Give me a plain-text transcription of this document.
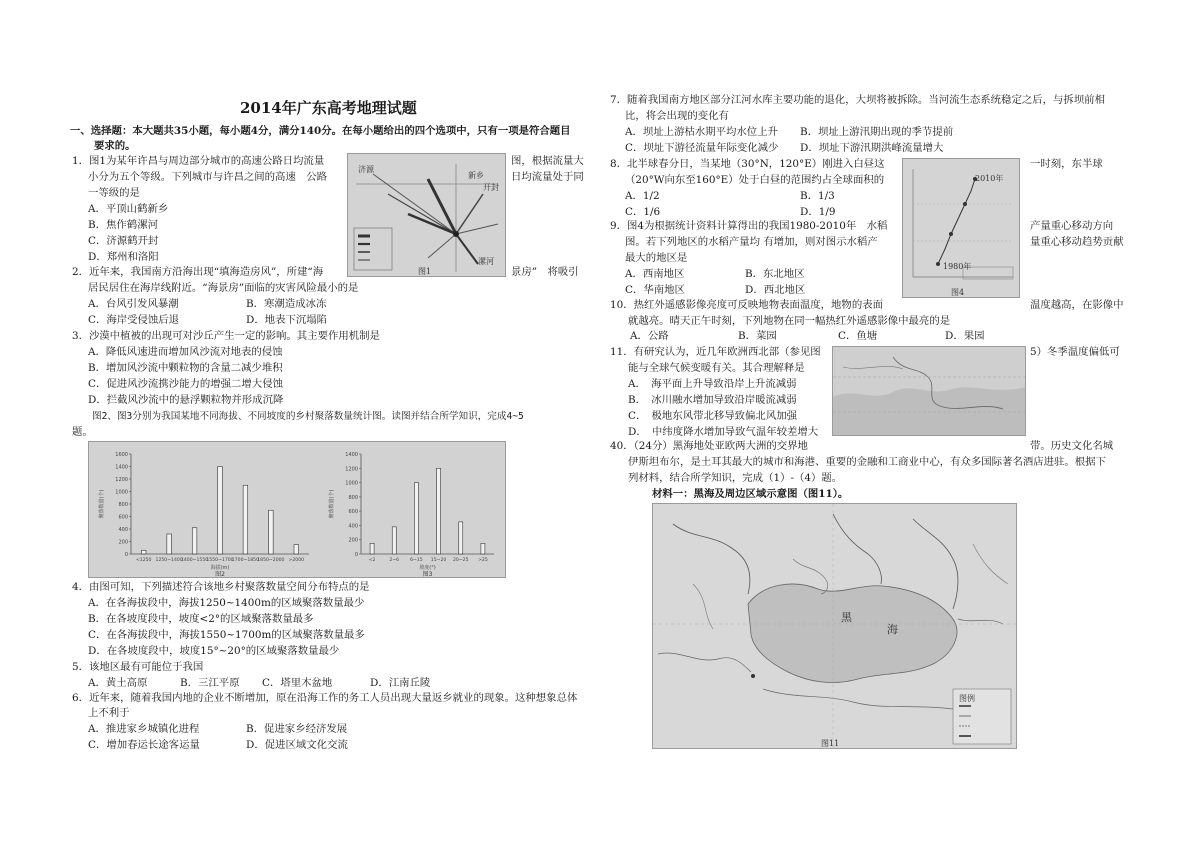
2014年广东高考地理试题
一、选择题：本大题共35小题，每小题4分，满分140分。在每小题给出的四个选项中，只有一项是符合题目
要求的。
1．图1为某年许昌与周边部分城市的高速公路日均流量	图，根据流量大
小分为五个等级。下列城市与许昌之间的高速　公路	日均流量处于同
一等级的是
A．平顶山鹤新乡
B．焦作鹤漯河
C．济源鹤开封
D．郑州和洛阳
济源
新乡
开封
漯河
图1
2．近年来，我国南方沿海出现“填海造房风”，所建“海	景房”　将吸引
居民居住在海岸线附近。“海景房”面临的灾害风险最小的是
A．台风引发风暴潮	B．寒潮造成冰冻
C．海岸受侵蚀后退	D．地表下沉塌陷
3．沙漠中植被的出现可对沙丘产生一定的影响。其主要作用机制是
A．降低风速进而增加风沙流对地表的侵蚀
B．增加风沙流中颗粒物的含量二减少堆积
C．促进风沙流携沙能力的增强二增大侵蚀
D．拦截风沙流中的悬浮颗粒物并形成沉降
图2、图3分别为我国某地不同海拔、不同坡度的乡村聚落数量统计图。读图并结合所学知识，完成4~5
题。
0
200
400
600
800
1000
1200
1400
1600
<1250 1250~1400
1400~1550
1550~1700
1700~1850
1850~2000 >2000
海拔(m)
聚落数量(个)
图2
0
200
400
600
800
1000
1200
1400
<2	2~6 6~15 15~20 20~25 >25
坡度(°)
聚落数量(个)
图3
4．由图可知，下列描述符合该地乡村聚落数量空间分布特点的是
A．在各海拔段中，海拔1250~1400m的区域聚落数量最少
B．在各坡度段中，坡度<2°的区域聚落数量最多
C．在各海拔段中，海拔1550~1700m的区域聚落数量最多
D．在各坡度段中，坡度15°~20°的区域聚落数量最少
5．该地区最有可能位于我国
A．黄土高原	B．三江平原 C．塔里木盆地	D．江南丘陵
6．近年来，随着我国内地的企业不断增加，原在沿海工作的务工人员出现大量返乡就业的现象。这种想象总体
上不利于
A．推进家乡城镇化进程	B．促进家乡经济发展
C．增加春运长途客运量	D．促进区域文化交流
7．随着我国南方地区部分江河水库主要功能的退化，大坝将被拆除。当河流生态系统稳定之后，与拆坝前相
比，将会出现的变化有
A．坝址上游枯水期平均水位上升 B．坝址上游汛期出现的季节提前
C．坝址下游径流量年际变化减少 D．坝址下游汛期洪峰流量增大
8．北半球春分日，当某地（30°N，120°E）刚进入白昼这	一时刻，东半球
（20°W向东至160°E）处于白昼的范围约占全球面积的
A．1/2	B．1/3
C．1/6	D．1/9
1980年
2010年
图4
9．图4为根据统计资料计算得出的我国1980-2010年　水稻	产量重心移动方向
图。若下列地区的水稻产量均 有增加，则对图示水稻产	量重心移动趋势贡献
最大的地区是
A．西南地区	B．东北地区
C．华南地区	D．西北地区
10．热红外遥感影像亮度可反映地物表面温度，地物的表面	温度越高，在影像中
就越亮。晴天正午时刻，下列地物在同一幅热红外遥感影像中最亮的是
A．公路	B．菜园	C．鱼塘	D．果园
11．有研究认为，近几年欧洲西北部（参见图	5）冬季温度偏低可
能与全球气候变暖有关。其合理解释是
A．　海平面上升导致沿岸上升流减弱
B．　冰川融水增加导致沿岸暖流减弱
C．　极地东风带北移导致偏北风加强
D．　中纬度降水增加导致气温年较差增大
40．（24分）黑海地处亚欧两大洲的交界地	带。历史文化名城
伊斯坦布尔，是土耳其最大的城市和海港、重要的金融和工商业中心，有众多国际著名酒店进驻。根据下
列材料，结合所学知识，完成（1）-（4）题。
材料一：黑海及周边区域示意图（图11）。
黑
海
图例
图11
